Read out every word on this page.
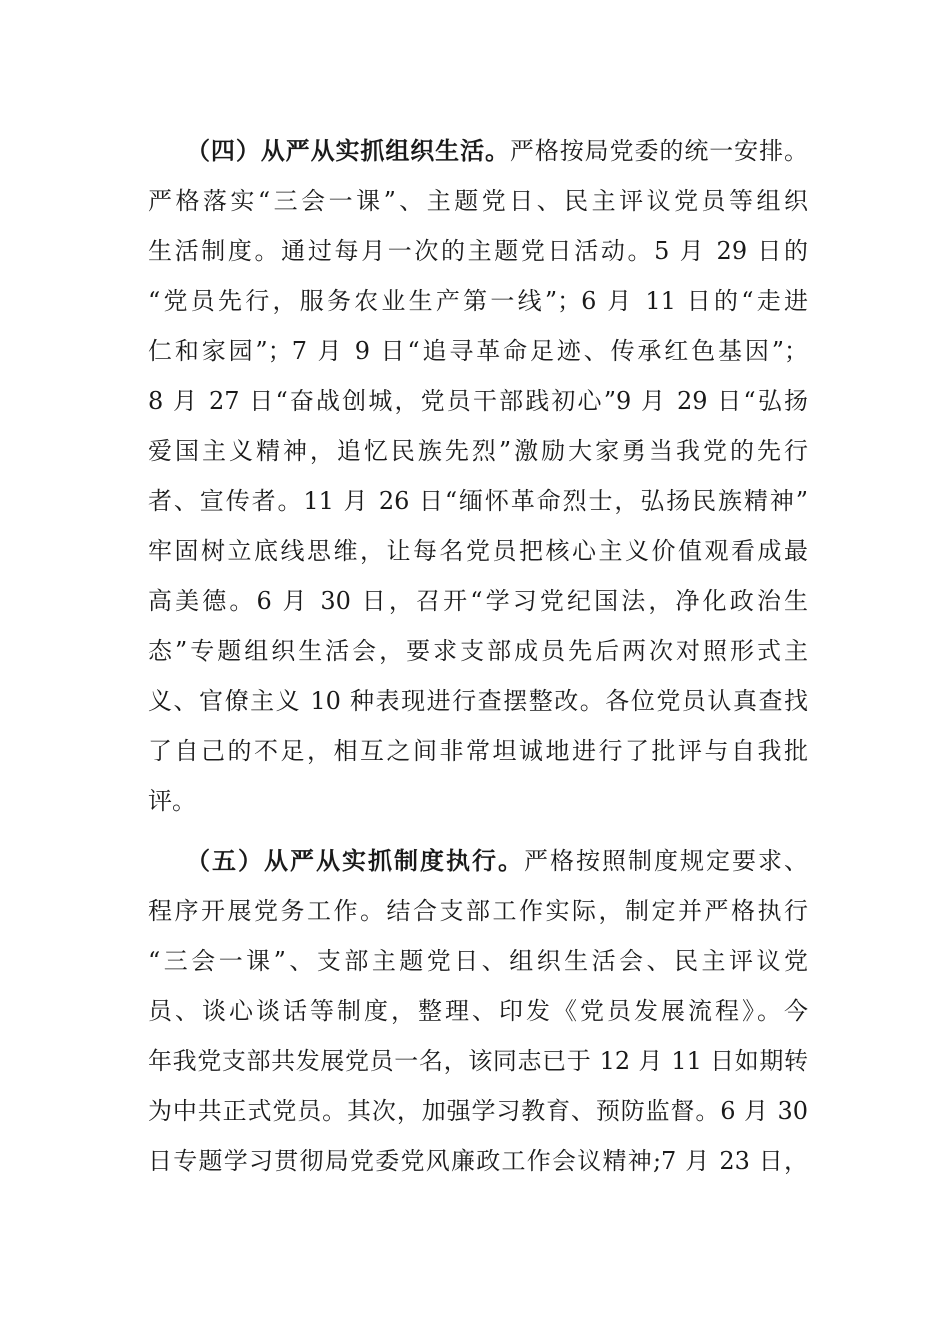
（四）从严从实抓组织生活。严格按局党委的统一安排。
严格落实“三会一课”、主题党日、民主评议党员等组织
生活制度。通过每月一次的主题党日活动。5 月 29 日的
“党员先行，服务农业生产第一线”；6 月 11 日的“走进
仁和家园”；7 月 9 日“追寻革命足迹、传承红色基因”；
8 月 27 日“奋战创城，党员干部践初心”9 月 29 日“弘扬
爱国主义精神，追忆民族先烈”激励大家勇当我党的先行
者、宣传者。11 月 26 日“缅怀革命烈士，弘扬民族精神”
牢固树立底线思维，让每名党员把核心主义价值观看成最
高美德。6 月 30 日，召开“学习党纪国法，净化政治生
态”专题组织生活会，要求支部成员先后两次对照形式主
义、官僚主义 10 种表现进行查摆整改。各位党员认真查找
了自己的不足，相互之间非常坦诚地进行了批评与自我批
评。
（五）从严从实抓制度执行。严格按照制度规定要求、
程序开展党务工作。结合支部工作实际，制定并严格执行
“三会一课”、支部主题党日、组织生活会、民主评议党
员、谈心谈话等制度，整理、印发《党员发展流程》。今
年我党支部共发展党员一名，该同志已于 12 月 11 日如期转
为中共正式党员。其次，加强学习教育、预防监督。6 月 30
日专题学习贯彻局党委党风廉政工作会议精神;7 月 23 日，
